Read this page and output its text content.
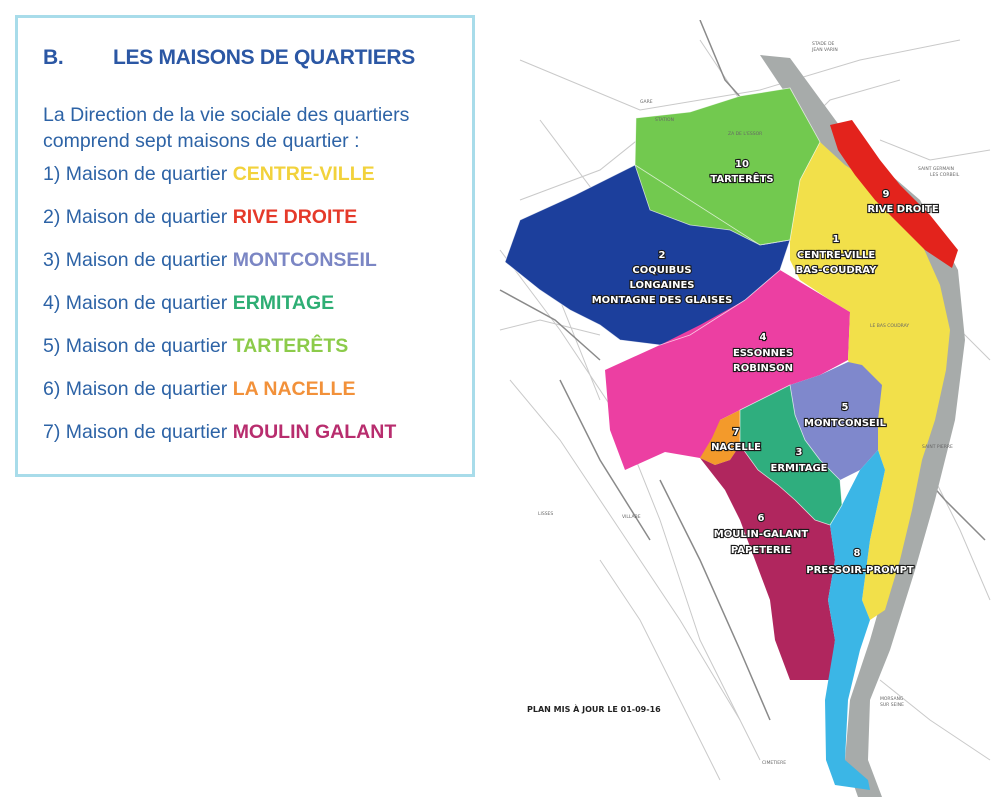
B. LES MAISONS DE QUARTIERS
La Direction de la vie sociale des quartiers comprend sept maisons de quartier :
1) Maison de quartier CENTRE-VILLE
2) Maison de quartier RIVE DROITE
3) Maison de quartier MONTCONSEIL
4) Maison de quartier ERMITAGE
5) Maison de quartier TARTERÊTS
6) Maison de quartier LA NACELLE
7) Maison de quartier MOULIN GALANT
STADE DE
JEAN VARIN
GARE
STATION
ZA DE L'ESSOR
SAINT GERMAIN
LES CORBEIL
SAINT PIERRE
LISSES
VILLABE
LE BAS COUDRAY
MORSANG
SUR SEINE
CIMETIERE
10
TARTERÊTS
2
COQUIBUS
LONGAINES
MONTAGNE DES GLAISES
1
CENTRE-VILLE
BAS-COUDRAY
9
RIVE DROITE
4
ESSONNES
ROBINSON
5
MONTCONSEIL
7
NACELLE	3
ERMITAGE
6
MOULIN-GALANT
PAPETERIE	8
PRESSOIR-PROMPT
PLAN MIS À JOUR LE 01-09-16
